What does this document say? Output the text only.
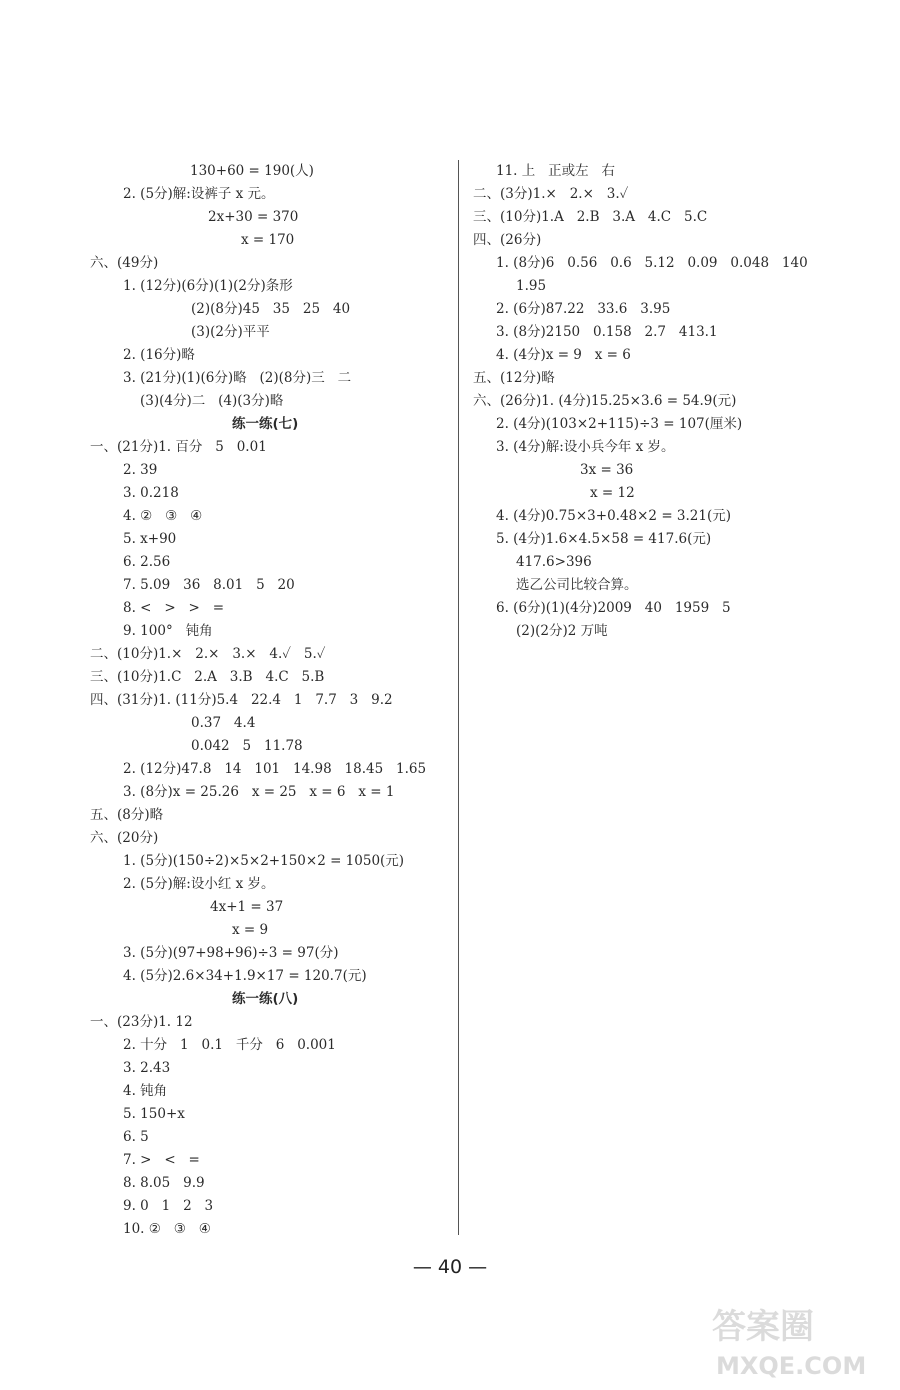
130+60 = 190(人)
2. (5分)解:设裤子 x 元。
2x+30 = 370
x = 170
六、(49分)
1. (12分)(6分)(1)(2分)条形
(2)(8分)45   35   25   40
(3)(2分)平平
2. (16分)略
3. (21分)(1)(6分)略   (2)(8分)三   二
(3)(4分)二   (4)(3分)略
练一练(七)
一、(21分)1. 百分   5   0.01
2. 39
3. 0.218
4. ②   ③   ④
5. x+90
6. 2.56
7. 5.09   36   8.01   5   20
8. <   >   >   =
9. 100°   钝角
二、(10分)1.×   2.×   3.×   4.✓   5.✓
三、(10分)1.C   2.A   3.B   4.C   5.B
四、(31分)1. (11分)5.4   22.4   1   7.7   3   9.2
0.37   4.4
0.042   5   11.78
2. (12分)47.8   14   101   14.98   18.45   1.65
3. (8分)x = 25.26   x = 25   x = 6   x = 1
五、(8分)略
六、(20分)
1. (5分)(150÷2)×5×2+150×2 = 1050(元)
2. (5分)解:设小红 x 岁。
4x+1 = 37
x = 9
3. (5分)(97+98+96)÷3 = 97(分)
4. (5分)2.6×34+1.9×17 = 120.7(元)
练一练(八)
一、(23分)1. 12
2. 十分   1   0.1   千分   6   0.001
3. 2.43
4. 钝角
5. 150+x
6. 5
7. >   <   =
8. 8.05   9.9
9. 0   1   2   3
10. ②   ③   ④
11. 上   正或左   右
二、(3分)1.×   2.×   3.✓
三、(10分)1.A   2.B   3.A   4.C   5.C
四、(26分)
1. (8分)6   0.56   0.6   5.12   0.09   0.048   140
1.95
2. (6分)87.22   33.6   3.95
3. (8分)2150   0.158   2.7   413.1
4. (4分)x = 9   x = 6
五、(12分)略
六、(26分)1. (4分)15.25×3.6 = 54.9(元)
2. (4分)(103×2+115)÷3 = 107(厘米)
3. (4分)解:设小兵今年 x 岁。
3x = 36
x = 12
4. (4分)0.75×3+0.48×2 = 3.21(元)
5. (4分)1.6×4.5×58 = 417.6(元)
417.6>396
选乙公司比较合算。
6. (6分)(1)(4分)2009   40   1959   5
(2)(2分)2 万吨
— 40 —
答案圈
MXQE.COM
